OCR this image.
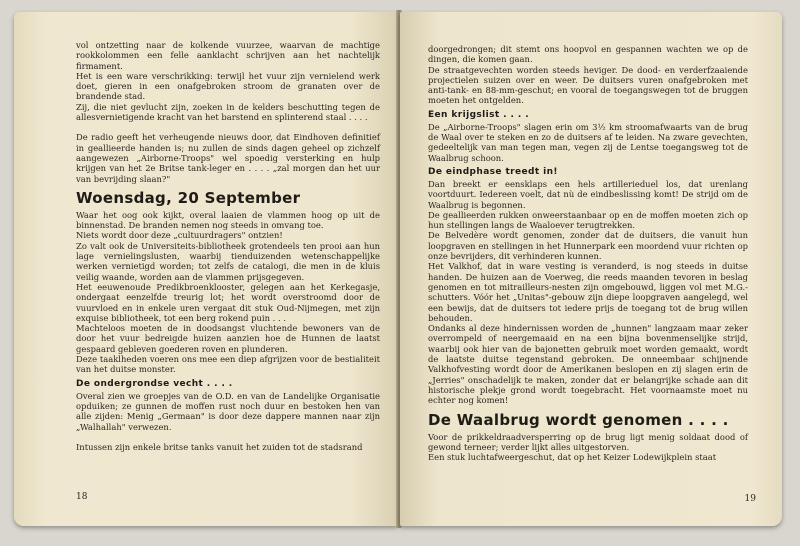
vol ontzetting naar de kolkende vuurzee, waarvan de machtige rookkolommen een felle aanklacht schrijven aan het nachtelijk firmament.

Het is een ware verschrikking: terwijl het vuur zijn vernielend werk doet, gieren in een onafgebroken stroom de granaten over de brandende stad.

Zij, die niet gevlucht zijn, zoeken in de kelders beschutting tegen de allesvernietigende kracht van het barstend en splinterend staal . . . .

De radio geeft het verheugende nieuws door, dat Eindhoven definitief in geallieerde handen is; nu zullen de sinds dagen geheel op zichzelf aangewezen „Airborne-Troops" wel spoedig versterking en hulp krijgen van het 2e Britse tank-leger en . . . . „zal morgen dan het uur van bevrijding slaan?"

Woensdag, 20 September

Waar het oog ook kijkt, overal laaien de vlammen hoog op uit de binnenstad. De branden nemen nog steeds in omvang toe.

Niets wordt door deze „cultuurdragers" ontzien!

Zo valt ook de Universiteits-bibliotheek grotendeels ten prooi aan hun lage vernielingslusten, waarbij tienduizenden wetenschappelijke werken vernietigd worden; tot zelfs de catalogi, die men in de kluis veilig waande, worden aan de vlammen prijsgegeven.

Het eeuwenoude Predikbroenklooster, gelegen aan het Kerkegasje, ondergaat eenzelfde treurig lot; het wordt overstroomd door de vuurvloed en in enkele uren vergaat dit stuk Oud-Nijmegen, met zijn exquise bibliotheek, tot een berg rokend puin . . .

Machteloos moeten de in doodsangst vluchtende bewoners van de door het vuur bedreigde huizen aanzien hoe de Hunnen de laatst gespaard gebleven goederen roven en plunderen.

Deze taaklheden voeren ons mee een diep afgrijzen voor de bestialiteit van het duitse monster.

De ondergrondse vecht . . . .

Overal zien we groepjes van de O.D. en van de Landelijke Organisatie opduiken; ze gunnen de moffen rust noch duur en bestoken hen van alle zijden: Menig „Germaan" is door deze dappere mannen naar zijn „Walhallah" verwezen.

Intussen zijn enkele britse tanks vanuit het zuiden tot de stadsrand

18

doorgedrongen; dit stemt ons hoopvol en gespannen wachten we op de dingen, die komen gaan.

De straatgevechten worden steeds heviger. De dood- en verderfzaaiende projectielen suizen over en weer. De duitsers vuren onafgebroken met anti-tank- en 88-mm-geschut; en vooral de toegangswegen tot de bruggen moeten het ontgelden.

Een krijgslist . . . .

De „Airborne-Troops" slagen erin om 3½ km stroomafwaarts van de brug de Waal over te steken en zo de duitsers af te leiden. Na zware gevechten, gedeeltelijk van man tegen man, vegen zij de Lentse toegangsweg tot de Waalbrug schoon.

De eindphase treedt in!

Dan breekt er eensklaps een hels artillerieduel los, dat urenlang voortduurt. Iedereen voelt, dat nù de eindbeslissing komt! De strijd om de Waalbrug is begonnen.

De geallieerden rukken onweerstaanbaar op en de moffen moeten zich op hun stellingen langs de Waaloever terugtrekken.

De Belvedère wordt genomen, zonder dat de duitsers, die vanuit hun loopgraven en stellingen in het Hunnerpark een moordend vuur richten op onze bevrijders, dit verhinderen kunnen.

Het Valkhof, dat in ware vesting is veranderd, is nog steeds in duitse handen. De huizen aan de Voerweg, die reeds maanden tevoren in beslag genomen en tot mitrailleurs-nesten zijn omgebouwd, liggen vol met M.G.-schutters. Vóór het „Unitas"-gebouw zijn diepe loopgraven aangelegd, wel een bewijs, dat de duitsers tot iedere prijs de toegang tot de brug willen behouden.

Ondanks al deze hindernissen worden de „hunnen" langzaam maar zeker overrompeld of neergemaaid en na een bijna bovenmenselijke strijd, waarbij ook hier van de bajonetten gebruik moet worden gemaakt, wordt de laatste duitse tegenstand gebroken. De onneembaar schijnende Valkhofvesting wordt door de Amerikanen beslopen en zij slagen erin de „Jerries" onschadelijk te maken, zonder dat er belangrijke schade aan dit historische plekje grond wordt toegebracht. Het voornaamste moet nu echter nog komen!

De Waalbrug wordt genomen . . . .

Voor de prikkeldraadversperring op de brug ligt menig soldaat dood of gewond terneer; verder lijkt alles uitgestorven.

Een stuk luchtafweergeschut, dat op het Keizer Lodewijkplein staat

19
